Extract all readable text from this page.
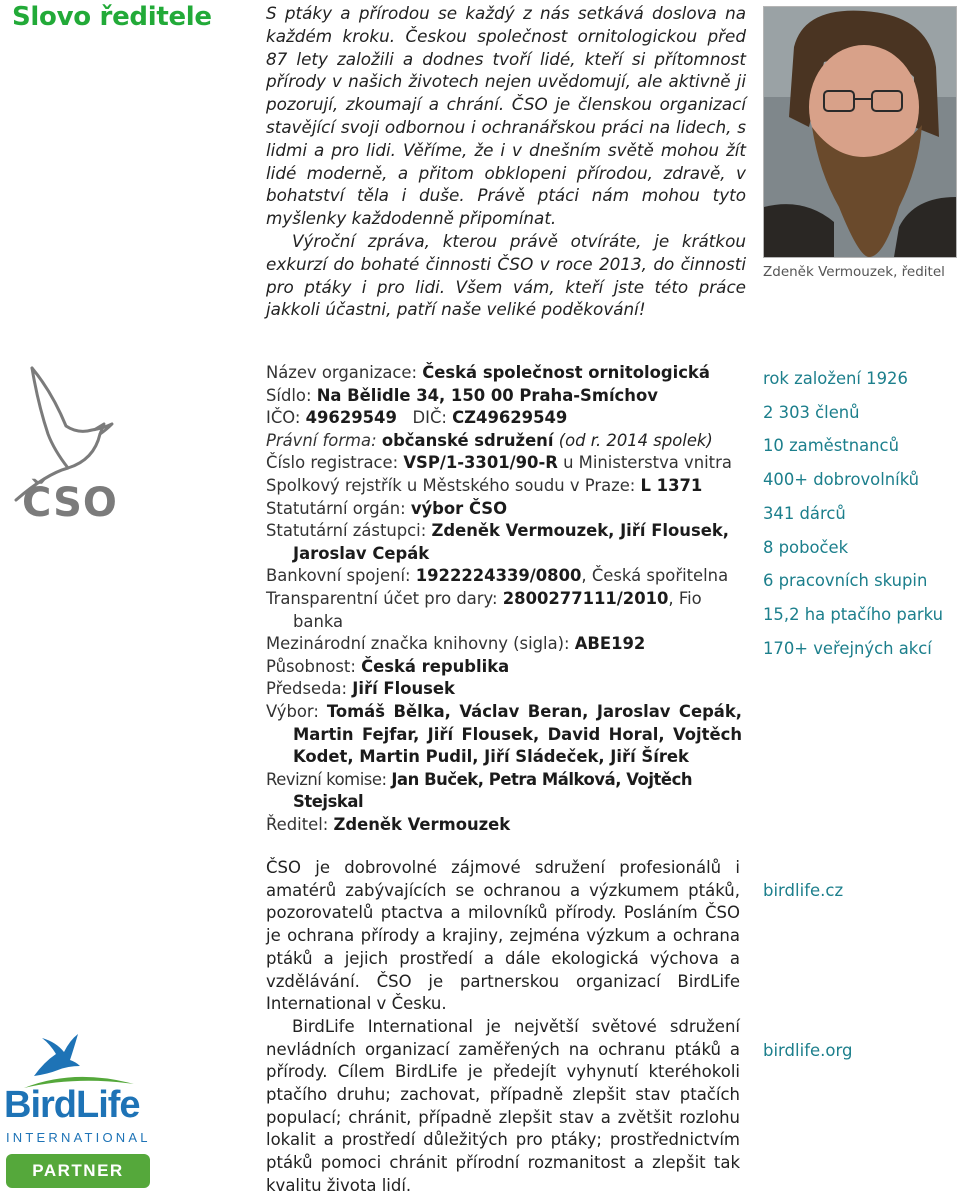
Slovo ředitele	S ptáky a přírodou se každý z nás setkává doslova na každém kroku. Českou společnost ornitologickou před 87 lety založili a dodnes tvoří lidé, kteří si přítomnost přírody v našich životech nejen uvědomují, ale aktivně ji pozorují, zkoumají a chrání. ČSO je členskou organizací stavějící svoji odbornou i ochranářskou práci na lidech, s lidmi a pro lidi. Věříme, že i v dnešním světě mohou žít lidé moderně, a přitom obklopeni přírodou, zdravě, v bohatství těla i duše. Právě ptáci nám mohou tyto myšlenky každodenně připomínat.

Výroční zpráva, kterou právě otvíráte, je krátkou exkurzí do bohaté činnosti ČSO v roce 2013, do činnosti pro ptáky i pro lidi. Všem vám, kteří jste této práce jakkoli účastni, patří naše veliké poděkování!

Zdeněk Vermouzek, ředitel
ČSO
Název organizace: Česká společnost ornitologická
Sídlo: Na Bělidle 34, 150 00 Praha-Smíchov
IČO: 49629549   DIČ: CZ49629549
Právní forma: občanské sdružení (od r. 2014 spolek)
Číslo registrace: VSP/1-3301/90-R u Ministerstva vnitra
Spolkový rejstřík u Městského soudu v Praze: L 1371
Statutární orgán: výbor ČSO
Statutární zástupci: Zdeněk Vermouzek, Jiří Flousek, Jaroslav Cepák
Bankovní spojení: 1922224339/0800, Česká spořitelna
Transparentní účet pro dary: 2800277111/2010, Fio banka
Mezinárodní značka knihovny (sigla): ABE192
Působnost: Česká republika
Předseda: Jiří Flousek
Výbor: Tomáš Bělka, Václav Beran, Jaroslav Cepák, Martin Fejfar, Jiří Flousek, David Horal, Vojtěch Kodet, Martin Pudil, Jiří Sládeček, Jiří Šírek
Revizní komise: Jan Buček, Petra Málková, Vojtěch Stejskal
Ředitel: Zdeněk Vermouzek
rok založení 1926
2 303 členů
10 zaměstnanců
400+ dobrovolníků
341 dárců
8 poboček
6 pracovních skupin
15,2 ha ptačího parku
170+ veřejných akcí

ČSO je dobrovolné zájmové sdružení profesionálů i amatérů zabývajících se ochranou a výzkumem ptáků, pozorovatelů ptactva a milovníků přírody. Posláním ČSO je ochrana přírody a krajiny, zejména výzkum a ochrana ptáků a jejich prostředí a dále ekologická výchova a vzdělávání. ČSO je partnerskou organizací BirdLife International v Česku.

BirdLife International je největší světové sdružení nevládních organizací zaměřených na ochranu ptáků a přírody. Cílem BirdLife je předejít vyhynutí kteréhokoli ptačího druhu; zachovat, případně zlepšit stav ptačích populací; chránit, případně zlepšit stav a zvětšit rozlohu lokalit a prostředí důležitých pro ptáky; prostřednictvím ptáků pomoci chránit přírodní rozmanitost a zlepšit tak kvalitu života lidí.

birdlife.cz
birdlife.org
BirdLife
INTERNATIONAL
PARTNER
